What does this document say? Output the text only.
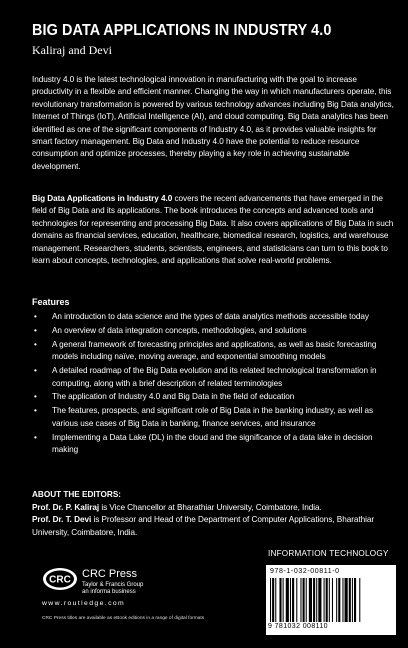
BIG DATA APPLICATIONS IN INDUSTRY 4.0
Kaliraj and Devi

Industry 4.0 is the latest technological innovation in manufacturing with the goal to increase productivity in a flexible and efficient manner. Changing the way in which manufacturers operate, this revolutionary transformation is powered by various technology advances including Big Data analytics, Internet of Things (IoT), Artificial Intelligence (AI), and cloud computing. Big Data analytics has been identified as one of the significant components of Industry 4.0, as it provides valuable insights for smart factory management. Big Data and Industry 4.0 have the potential to reduce resource consumption and optimize processes, thereby playing a key role in achieving sustainable development.

Big Data Applications in Industry 4.0 covers the recent advancements that have emerged in the field of Big Data and its applications. The book introduces the concepts and advanced tools and technologies for representing and processing Big Data. It also covers applications of Big Data in such domains as financial services, education, healthcare, biomedical research, logistics, and warehouse management. Researchers, students, scientists, engineers, and statisticians can turn to this book to learn about concepts, technologies, and applications that solve real-world problems.

Features
• An introduction to data science and the types of data analytics methods accessible today
• An overview of data integration concepts, methodologies, and solutions
• A general framework of forecasting principles and applications, as well as basic forecasting models including naïve, moving average, and exponential smoothing models
• A detailed roadmap of the Big Data evolution and its related technological transformation in computing, along with a brief description of related terminologies
• The application of Industry 4.0 and Big Data in the field of education
• The features, prospects, and significant role of Big Data in the banking industry, as well as various use cases of Big Data in banking, finance services, and insurance
• Implementing a Data Lake (DL) in the cloud and the significance of a data lake in decision making
ABOUT THE EDITORS:

Prof. Dr. P. Kaliraj is Vice Chancellor at Bharathiar University, Coimbatore, India.

Prof. Dr. T. Devi is Professor and Head of the Department of Computer Applications, Bharathiar University, Coimbatore, India.

INFORMATION TECHNOLOGY
978-1-032-00811-0
9 781032 008110
CRC CRC Press
Taylor & Francis Group
an informa business
www.routledge.com
CRC Press titles are available as eBook editions in a range of digital formats
